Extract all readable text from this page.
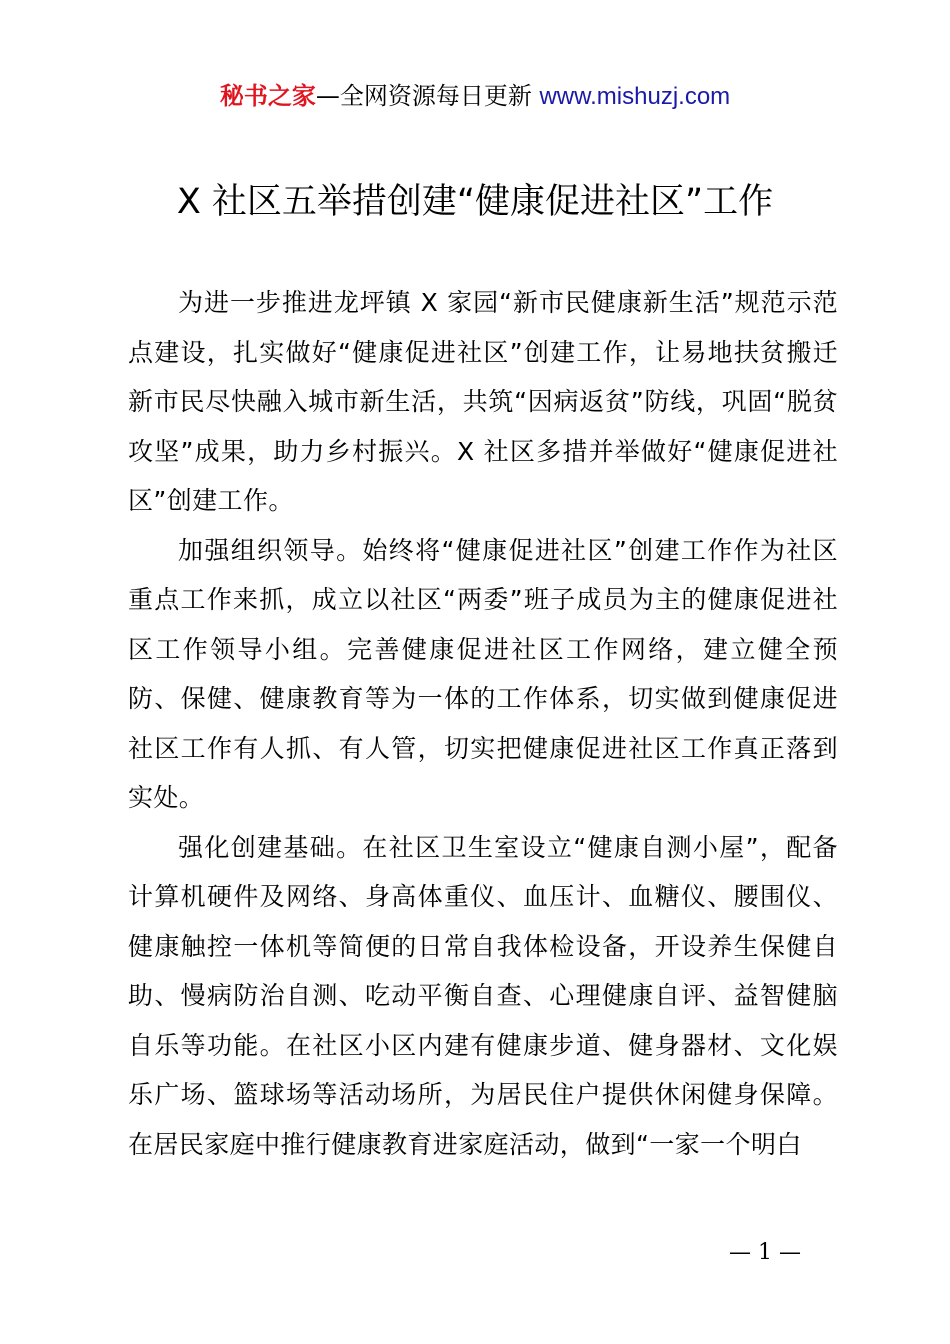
秘书之家—全网资源每日更新 www.mishuzj.com
X 社区五举措创建“健康促进社区”工作

为进一步推进龙坪镇 X 家园“新市民健康新生活”规范示范点建设，扎实做好“健康促进社区”创建工作，让易地扶贫搬迁新市民尽快融入城市新生活，共筑“因病返贫”防线，巩固“脱贫攻坚”成果，助力乡村振兴。X 社区多措并举做好“健康促进社区”创建工作。

加强组织领导。始终将“健康促进社区”创建工作作为社区重点工作来抓，成立以社区“两委”班子成员为主的健康促进社区工作领导小组。完善健康促进社区工作网络，建立健全预防、保健、健康教育等为一体的工作体系，切实做到健康促进社区工作有人抓、有人管，切实把健康促进社区工作真正落到实处。

强化创建基础。在社区卫生室设立“健康自测小屋”，配备计算机硬件及网络、身高体重仪、血压计、血糖仪、腰围仪、健康触控一体机等简便的日常自我体检设备，开设养生保健自助、慢病防治自测、吃动平衡自查、心理健康自评、益智健脑自乐等功能。在社区小区内建有健康步道、健身器材、文化娱乐广场、篮球场等活动场所，为居民住户提供休闲健身保障。在居民家庭中推行健康教育进家庭活动，做到“一家一个明白

— 1 —
